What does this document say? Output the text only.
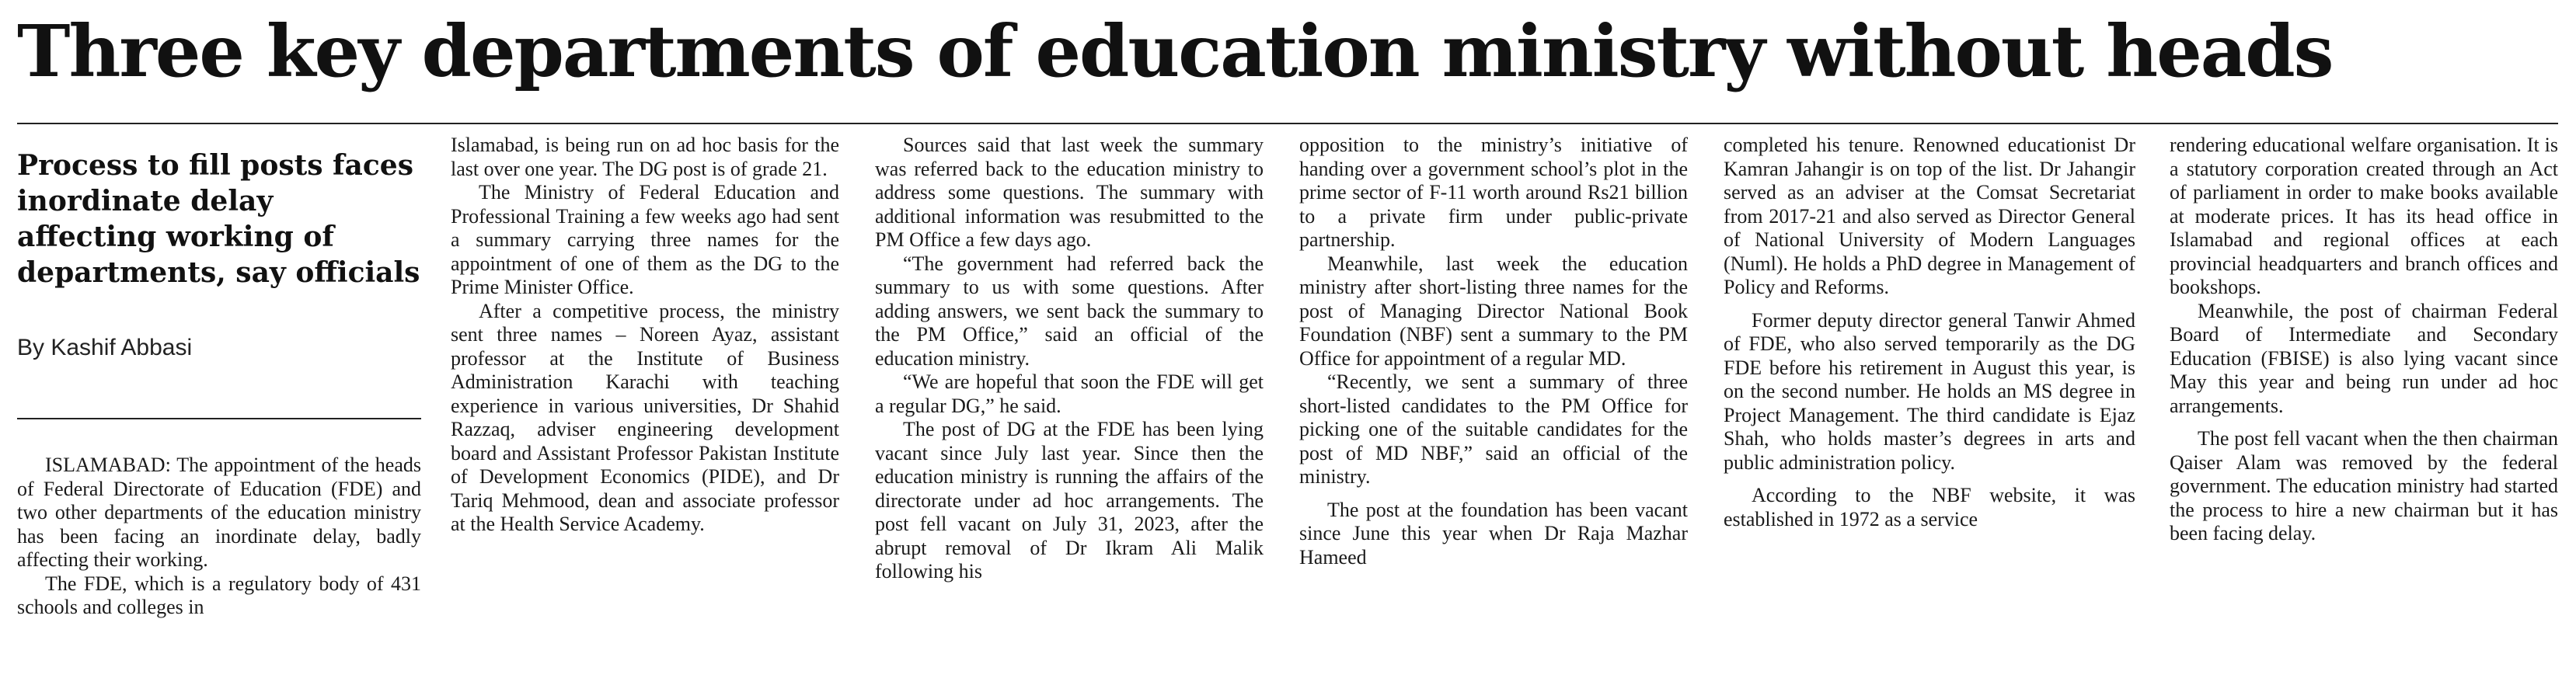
Three key departments of education ministry without heads
Process to fill posts faces inordinate delay affecting working of departments, say officials
By Kashif Abbasi

ISLAMABAD: The appointment of the heads of Federal Directorate of Education (FDE) and two other departments of the education ministry has been facing an inordinate delay, badly affecting their working.

The FDE, which is a regulatory body of 431 schools and colleges in

Islamabad, is being run on ad hoc basis for the last over one year. The DG post is of grade 21.

The Ministry of Federal Education and Professional Training a few weeks ago had sent a summary carrying three names for the appointment of one of them as the DG to the Prime Minister Office.

After a competitive process, the ministry sent three names – Noreen Ayaz, assistant professor at the Institute of Business Administration Karachi with teaching experience in various universities, Dr Shahid Razzaq, adviser engineering development board and Assistant Professor Pakistan Institute of Development Economics (PIDE), and Dr Tariq Mehmood, dean and associate professor at the Health Service Academy.

Sources said that last week the summary was referred back to the education ministry to address some questions. The summary with additional information was resubmitted to the PM Office a few days ago.

“The government had referred back the summary to us with some questions. After adding answers, we sent back the summary to the PM Office,” said an official of the education ministry.

“We are hopeful that soon the FDE will get a regular DG,” he said.

The post of DG at the FDE has been lying vacant since July last year. Since then the education ministry is running the affairs of the directorate under ad hoc arrangements. The post fell vacant on July 31, 2023, after the abrupt removal of Dr Ikram Ali Malik following his

opposition to the ministry’s initiative of handing over a government school’s plot in the prime sector of F-11 worth around Rs21 billion to a private firm under public-private partnership.

Meanwhile, last week the education ministry after short-listing three names for the post of Managing Director National Book Foundation (NBF) sent a summary to the PM Office for appointment of a regular MD.

“Recently, we sent a summary of three short-listed candidates to the PM Office for picking one of the suitable candidates for the post of MD NBF,” said an official of the ministry.

The post at the foundation has been vacant since June this year when Dr Raja Mazhar Hameed

completed his tenure. Renowned educationist Dr Kamran Jahangir is on top of the list. Dr Jahangir served as an adviser at the Comsat Secretariat from 2017-21 and also served as Director General of National University of Modern Languages (Numl). He holds a PhD degree in Management of Policy and Reforms.

Former deputy director general Tanwir Ahmed of FDE, who also served temporarily as the DG FDE before his retirement in August this year, is on the second number. He holds an MS degree in Project Management. The third candidate is Ejaz Shah, who holds master’s degrees in arts and public administration policy.

According to the NBF website, it was established in 1972 as a service

rendering educational welfare organisation. It is a statutory corporation created through an Act of parliament in order to make books available at moderate prices. It has its head office in Islamabad and regional offices at each provincial headquarters and branch offices and bookshops.

Meanwhile, the post of chairman Federal Board of Intermediate and Secondary Education (FBISE) is also lying vacant since May this year and being run under ad hoc arrangements.

The post fell vacant when the then chairman Qaiser Alam was removed by the federal government. The education ministry had started the process to hire a new chairman but it has been facing delay.
